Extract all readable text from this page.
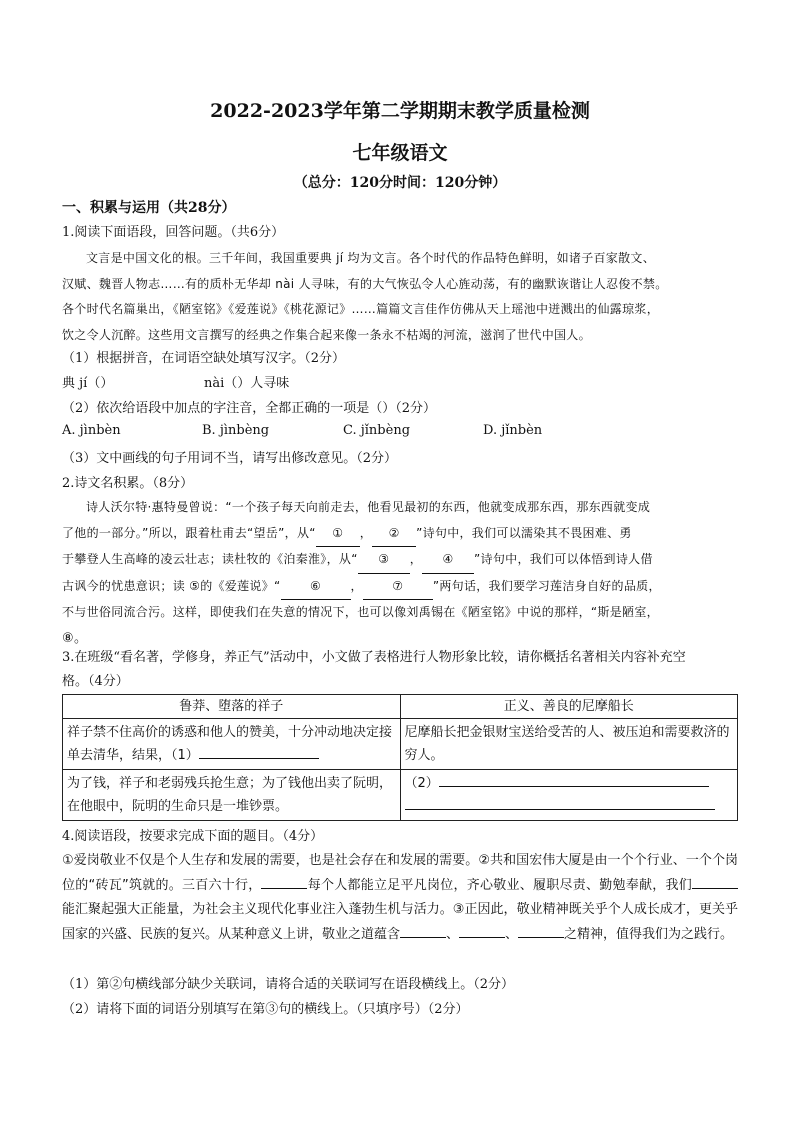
2022-2023学年第二学期期末教学质量检测
七年级语文
（总分：120分时间：120分钟）
一、积累与运用（共28分）
1.阅读下面语段，回答问题。（共6分）

文言是中国文化的根。三千年间，我国重要典 jí 均为文言。各个时代的作品特色鲜明，如诸子百家散文、

汉赋、魏晋人物志……有的质朴无华却 nài 人寻味，有的大气恢弘令人心旌动荡，有的幽默诙谐让人忍俊不禁。

各个时代名篇巢出，《陋室铭》《爱莲说》《桃花源记》……篇篇文言佳作仿佛从天上瑶池中迸溅出的仙露琼浆，

饮之令人沉醉。这些用文言撰写的经典之作集合起来像一条永不枯竭的河流，滋润了世代中国人。

（1）根据拼音，在词语空缺处填写汉字。（2分）
典 jí（）	nài（）人寻味
（2）依次给语段中加点的字注音，全都正确的一项是（）（2分）
A. jìnbèn	B. jìnbèng	C. jǐnbèng	D. jǐnbèn
（3）文中画线的句子用词不当，请写出修改意见。（2分）
2.诗文名积累。（8分）

诗人沃尔特·惠特曼曾说：“一个孩子每天向前走去，他看见最初的东西，他就变成那东西，那东西就变成

了他的一部分。”所以，跟着杜甫去“望岳”，从“ ① ， ② ”诗句中，我们可以濡染其不畏困难、勇

于攀登人生高峰的凌云壮志；读杜牧的《泊秦淮》，从“ ③ ， ④ ”诗句中，我们可以体悟到诗人借

古讽今的忧患意识；读 ⑤的《爱莲说》“ ⑥ ， ⑦ ”两句话，我们要学习莲洁身自好的品质，

不与世俗同流合污。这样，即使我们在失意的情况下，也可以像刘禹锡在《陋室铭》中说的那样，“斯是陋室，

⑧。

3.在班级“看名著，学修身，养正气”活动中，小文做了表格进行人物形象比较，请你概括名著相关内容补充空
格。（4分）
鲁莽、堕落的祥子	正义、善良的尼摩船长
祥子禁不住高价的诱惑和他人的赞美，十分冲动地决定接单去清华，结果，（1）	尼摩船长把金银财宝送给受苦的人、被压迫和需要救济的穷人。
为了钱，祥子和老弱残兵抢生意；为了钱他出卖了阮明，在他眼中，阮明的生命只是一堆钞票。	（2）

4.阅读语段，按要求完成下面的题目。（4分）

①爱岗敬业不仅是个人生存和发展的需要，也是社会存在和发展的需要。②共和国宏伟大厦是由一个个行业、一个个岗位的“砖瓦”筑就的。三百六十行，	每个人都能立足平凡岗位，齐心敬业、履职尽责、勤勉奉献，我们能汇聚起强大正能量，为社会主义现代化事业注入蓬勃生机与活力。③正因此，敬业精神既关乎个人成长成才，更关乎国家的兴盛、民族的复兴。从某种意义上讲，敬业之道蕴含	、	、	之精神，值得我们为之践行。

（1）第②句横线部分缺少关联词，请将合适的关联词写在语段横线上。（2分）
（2）请将下面的词语分别填写在第③句的横线上。（只填序号）（2分）
